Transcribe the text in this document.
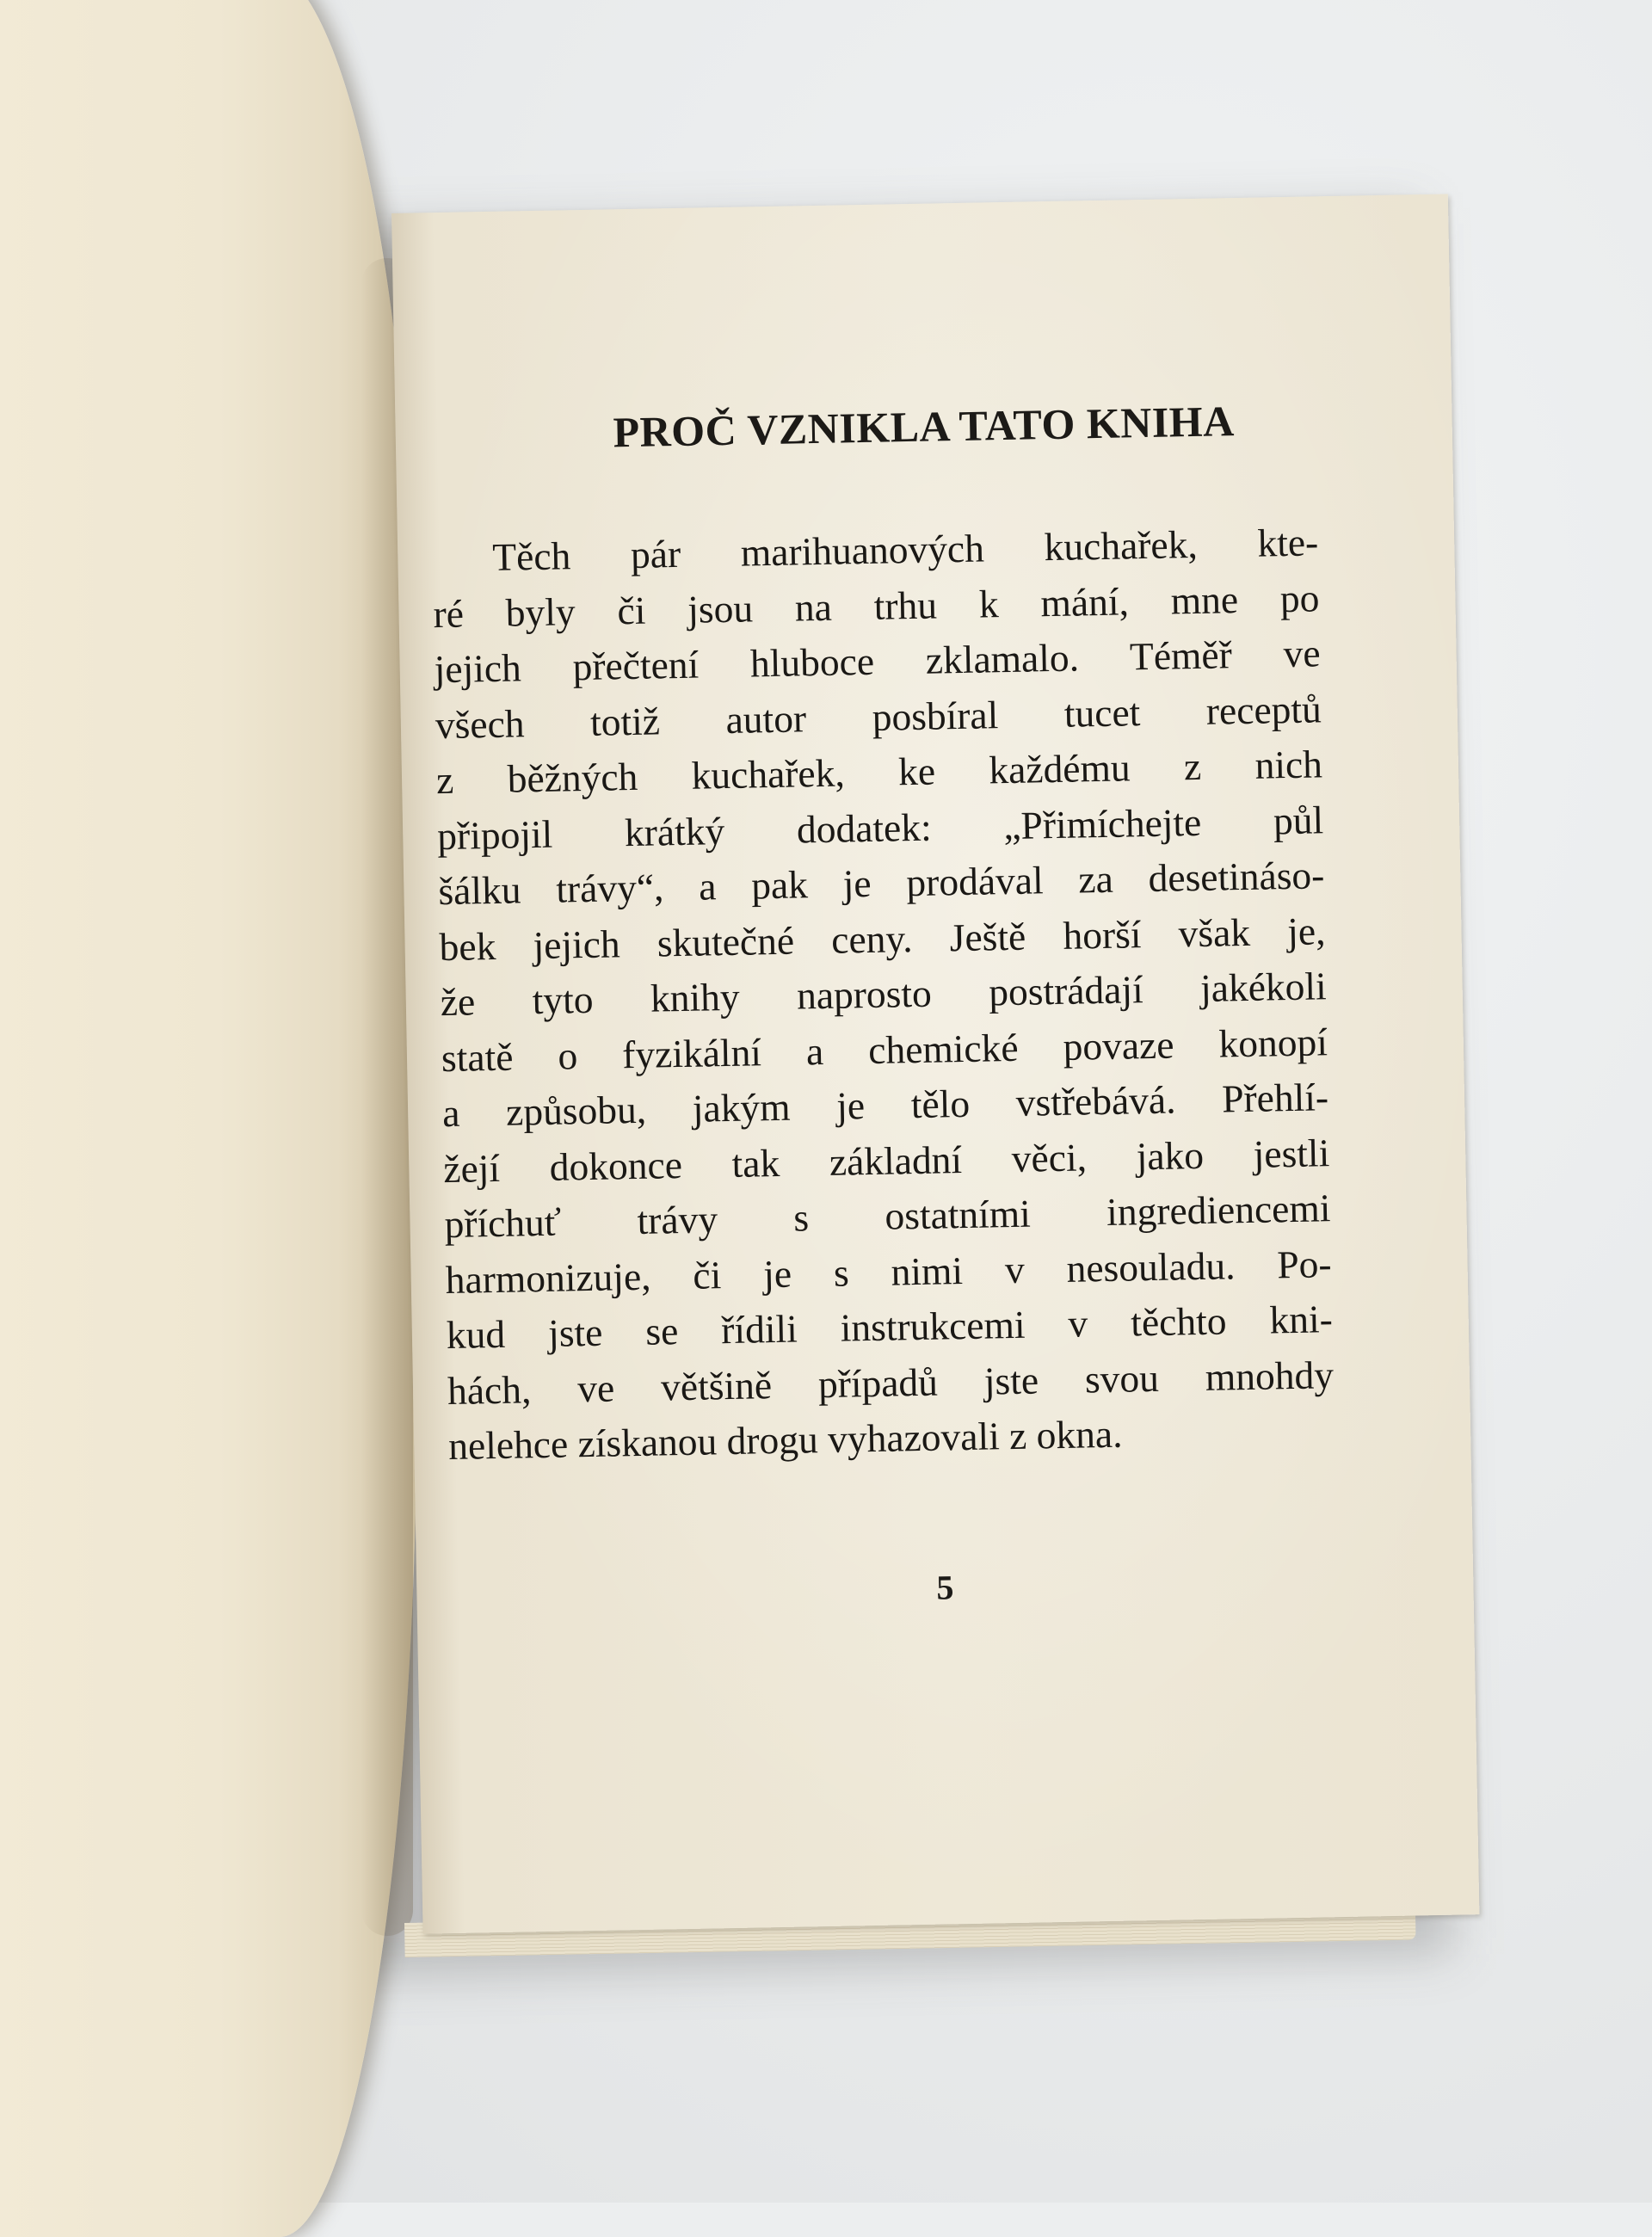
PROČ VZNIKLA TATO KNIHA
Těch pár marihuanových kuchařek, kte-
ré byly či jsou na trhu k mání, mne po
jejich přečtení hluboce zklamalo. Téměř ve
všech totiž autor posbíral tucet receptů
z běžných kuchařek, ke každému z nich
připojil krátký dodatek: „Přimíchejte půl
šálku trávy“, a pak je prodával za desetináso-
bek jejich skutečné ceny. Ještě horší však je,
že tyto knihy naprosto postrádají jakékoli
statě o fyzikální a chemické povaze konopí
a způsobu, jakým je tělo vstřebává. Přehlí-
žejí dokonce tak základní věci, jako jestli
příchuť trávy s ostatními ingrediencemi
harmonizuje, či je s nimi v nesouladu. Po-
kud jste se řídili instrukcemi v těchto kni-
hách, ve většině případů jste svou mnohdy
nelehce získanou drogu vyhazovali z okna.
5
